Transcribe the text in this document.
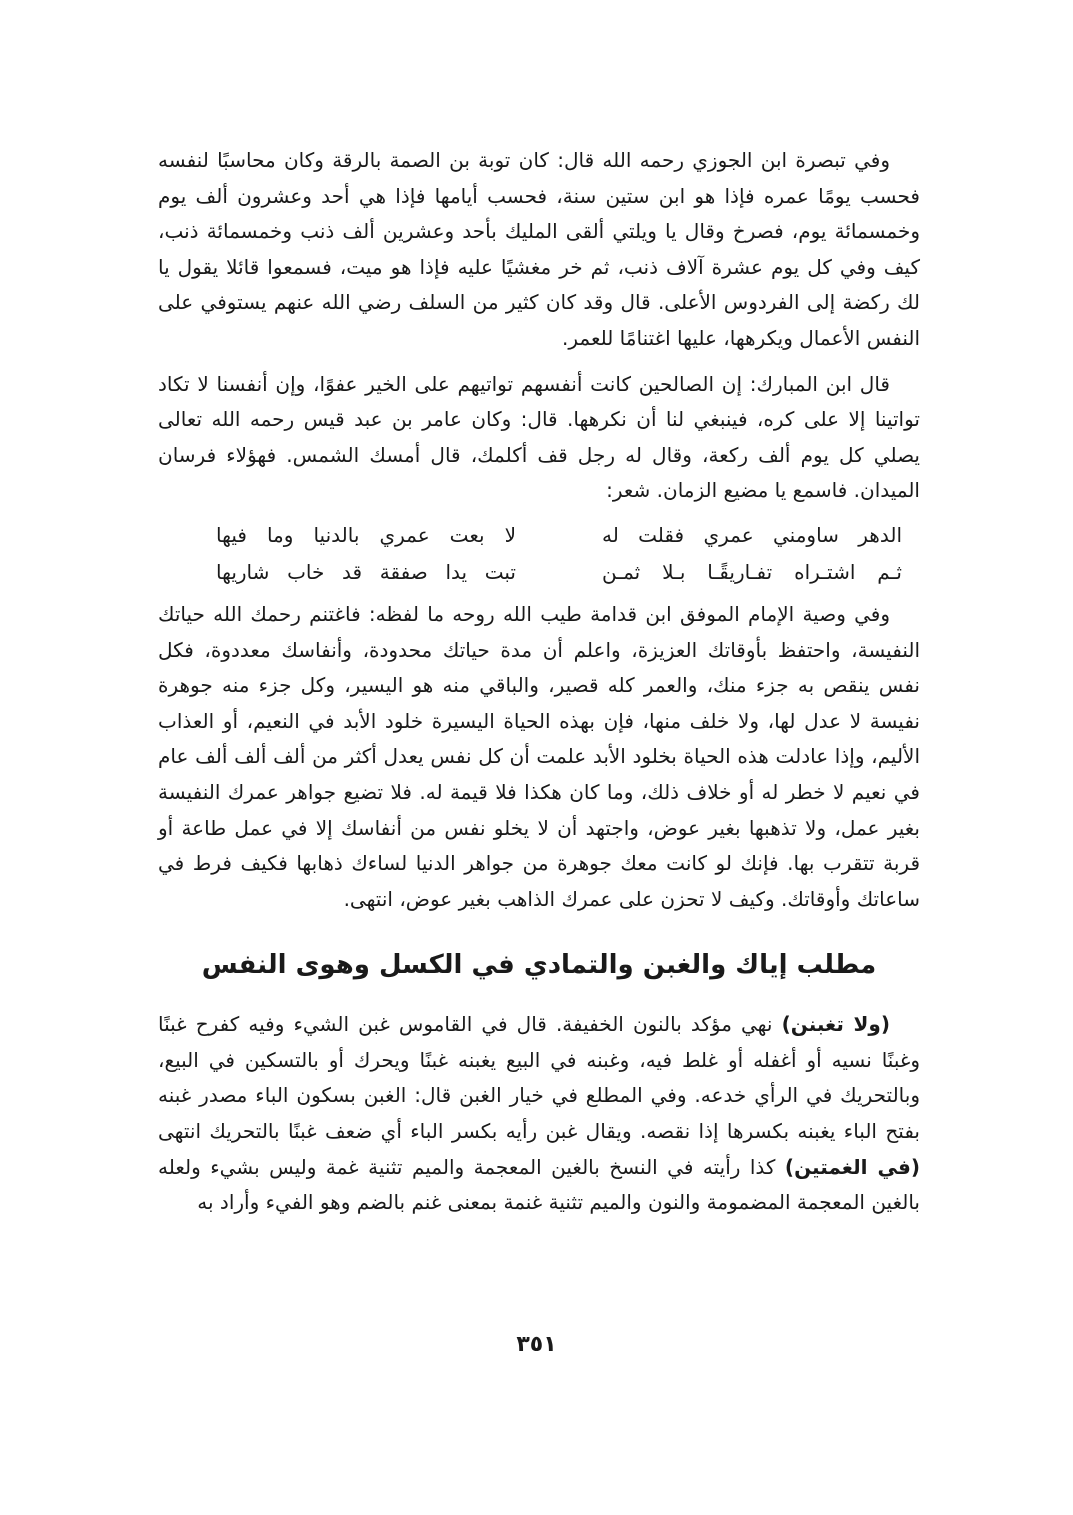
وفي تبصرة ابن الجوزي رحمه الله قال: كان توبة بن الصمة بالرقة وكان محاسبًا لنفسه فحسب يومًا عمره فإذا هو ابن ستين سنة، فحسب أيامها فإذا هي أحد وعشرون ألف يوم وخمسمائة يوم، فصرخ وقال يا ويلتي ألقى المليك بأحد وعشرين ألف ذنب وخمسمائة ذنب، كيف وفي كل يوم عشرة آلاف ذنب، ثم خر مغشيًا عليه فإذا هو ميت، فسمعوا قائلا يقول يا لك ركضة إلى الفردوس الأعلى. قال وقد كان كثير من السلف رضي الله عنهم يستوفي على النفس الأعمال ويكرهها، عليها اغتنامًا للعمر.

قال ابن المبارك: إن الصالحين كانت أنفسهم تواتيهم على الخير عفوًا، وإن أنفسنا لا تكاد تواتينا إلا على كره، فينبغي لنا أن نكرهها. قال: وكان عامر بن عبد قيس رحمه الله تعالى يصلي كل يوم ألف ركعة، وقال له رجل قف أكلمك، قال أمسك الشمس. فهؤلاء فرسان الميدان. فاسمع يا مضيع الزمان. شعر:

الدهر ساومني عمري فقلت له
لا بعت عمري بالدنيا وما فيها
ثـم اشتـراه تفـاريقًـا بـلا ثمـن
تبت يدا صفقة قد خاب شاريها

وفي وصية الإمام الموفق ابن قدامة طيب الله روحه ما لفظه: فاغتنم رحمك الله حياتك النفيسة، واحتفظ بأوقاتك العزيزة، واعلم أن مدة حياتك محدودة، وأنفاسك معددوة، فكل نفس ينقص به جزء منك، والعمر كله قصير، والباقي منه هو اليسير، وكل جزء منه جوهرة نفيسة لا عدل لها، ولا خلف منها، فإن بهذه الحياة اليسيرة خلود الأبد في النعيم، أو العذاب الأليم، وإذا عادلت هذه الحياة بخلود الأبد علمت أن كل نفس يعدل أكثر من ألف ألف ألف عام في نعيم لا خطر له أو خلاف ذلك، وما كان هكذا فلا قيمة له. فلا تضيع جواهر عمرك النفيسة بغير عمل، ولا تذهبها بغير عوض، واجتهد أن لا يخلو نفس من أنفاسك إلا في عمل طاعة أو قربة تتقرب بها. فإنك لو كانت معك جوهرة من جواهر الدنيا لساءك ذهابها فكيف فرط في ساعاتك وأوقاتك. وكيف لا تحزن على عمرك الذاهب بغير عوض، انتهى.

مطلب إياك والغبن والتمادي في الكسل وهوى النفس

(ولا تغبنن) نهي مؤكد بالنون الخفيفة. قال في القاموس غبن الشيء وفيه كفرح غبنًا وغبنًا نسيه أو أغفله أو غلط فيه، وغبنه في البيع يغبنه غبنًا ويحرك أو بالتسكين في البيع، وبالتحريك في الرأي خدعه. وفي المطلع في خيار الغبن قال: الغبن بسكون الباء مصدر غبنه بفتح الباء يغبنه بكسرها إذا نقصه. ويقال غبن رأيه بكسر الباء أي ضعف غبنًا بالتحريك انتهى (في الغمتين) كذا رأيته في النسخ بالغين المعجمة والميم تثنية غمة وليس بشيء ولعله بالغين المعجمة المضمومة والنون والميم تثنية غنمة بمعنى غنم بالضم وهو الفيء وأراد به

٣٥١
